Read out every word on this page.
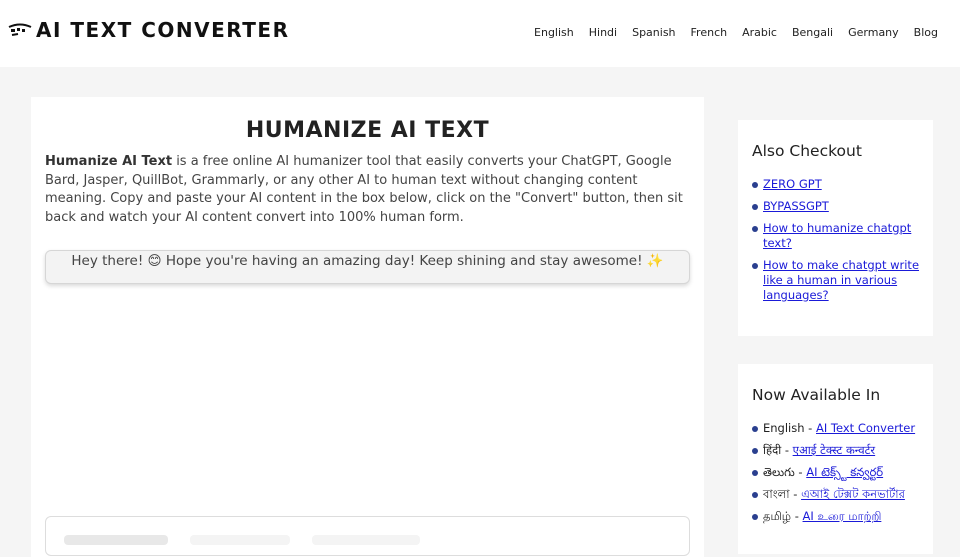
AI TEXT CONVERTER	English Hindi Spanish French Arabic Bengali Germany Blog
HUMANIZE AI TEXT

Humanize AI Text is a free online AI humanizer tool that easily converts your ChatGPT, Google Bard, Jasper, QuillBot, Grammarly, or any other AI to human text without changing content meaning. Copy and paste your AI content in the box below, click on the "Convert" button, then sit back and watch your AI content convert into 100% human form.

Hey there! 😊 Hope you're having an amazing day! Keep shining and stay awesome! ✨
Also Checkout
ZERO GPT
BYPASSGPT
How to humanize chatgpt text?
How to make chatgpt write like a human in various languages?
Now Available In
English - AI Text Converter
हिंदी - एआई टेक्स्ट कन्वर्टर
తెలుగు - AI టెక్స్ట్ కన్వర్టర్
বাংলা - এআই টেক্সট কনভার্টার
தமிழ் - AI உரை மாற்றி
